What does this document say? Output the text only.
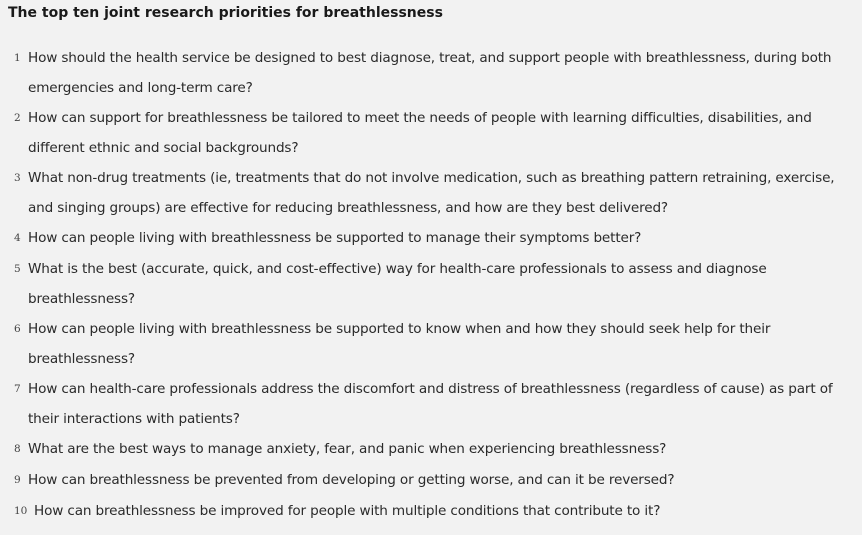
The top ten joint research priorities for breathlessness
1 How should the health service be designed to best diagnose, treat, and support people with breathlessness, during both emergencies and long-term care?
2 How can support for breathlessness be tailored to meet the needs of people with learning difficulties, disabilities, and different ethnic and social backgrounds?
3 What non-drug treatments (ie, treatments that do not involve medication, such as breathing pattern retraining, exercise, and singing groups) are effective for reducing breathlessness, and how are they best delivered?
4 How can people living with breathlessness be supported to manage their symptoms better?
5 What is the best (accurate, quick, and cost-effective) way for health-care professionals to assess and diagnose breathlessness?
6 How can people living with breathlessness be supported to know when and how they should seek help for their breathlessness?
7 How can health-care professionals address the discomfort and distress of breathlessness (regardless of cause) as part of their interactions with patients?
8 What are the best ways to manage anxiety, fear, and panic when experiencing breathlessness?
9 How can breathlessness be prevented from developing or getting worse, and can it be reversed?
10 How can breathlessness be improved for people with multiple conditions that contribute to it?
